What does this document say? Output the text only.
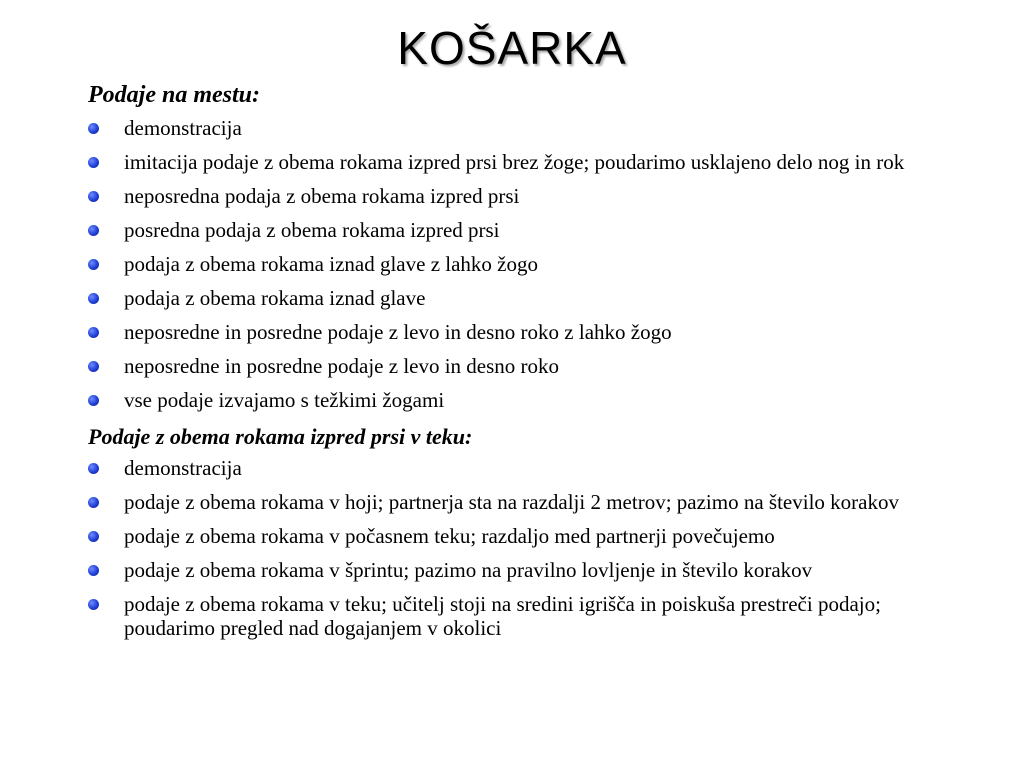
KOŠARKA
Podaje na mestu:
demonstracija
imitacija podaje z obema rokama izpred prsi brez žoge; poudarimo usklajeno delo nog in rok
neposredna podaja z obema rokama izpred prsi
posredna podaja z obema rokama izpred prsi
podaja z obema rokama iznad glave z lahko žogo
podaja z obema rokama iznad glave
neposredne in posredne podaje z levo in desno roko z lahko žogo
neposredne in posredne podaje z levo in desno roko
vse podaje izvajamo s težkimi žogami
Podaje z obema rokama izpred prsi v teku:
demonstracija
podaje z obema rokama v hoji; partnerja sta na razdalji 2 metrov; pazimo na število korakov
podaje z obema rokama v počasnem teku; razdaljo med partnerji povečujemo
podaje z obema rokama v šprintu; pazimo na pravilno lovljenje in število korakov
podaje z obema rokama v teku; učitelj stoji na sredini igrišča in poiskuša prestreči podajo; poudarimo pregled nad dogajanjem v okolici
